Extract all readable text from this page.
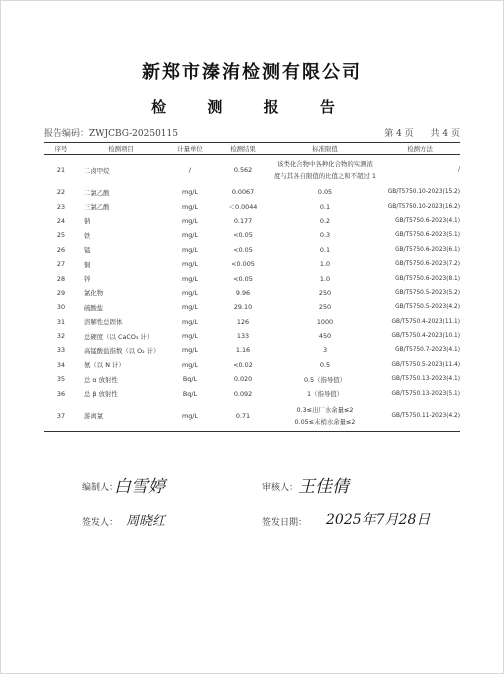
新郑市溱洧检测有限公司
检 测 报 告
报告编码：ZWJCBG-20250115	第 4 页 共 4 页
序号	检测项目	计量单位	检测结果	标准限值	检测方法
21	二卤甲烷	/	0.562	该类化合物中各种化合物的实测浓
度与其各自限值的比值之和不超过 1	/
22	二氯乙酸	mg/L	0.0067	0.05	GB/T5750.10-2023(15.2)
23	三氯乙酸	mg/L	＜0.0044	0.1	GB/T5750.10-2023(16.2)
24	钠	mg/L	0.177	0.2	GB/T5750.6-2023(4.1)
25	铁	mg/L	<0.05	0.3	GB/T5750.6-2023(5.1)
26	锰	mg/L	<0.05	0.1	GB/T5750.6-2023(6.1)
27	铜	mg/L	<0.005	1.0	GB/T5750.6-2023(7.2)
28	锌	mg/L	<0.05	1.0	GB/T5750.6-2023(8.1)
29	氯化物	mg/L	9.96	250	GB/T5750.5-2023(5.2)
30	硫酸盐	mg/L	29.10	250	GB/T5750.5-2023(4.2)
31	溶解性总固体	mg/L	126	1000	GB/T5750.4-2023(11.1)
32	总硬度（以 CaCO₃ 计）	mg/L	133	450	GB/T5750.4-2023(10.1)
33	高锰酸盐指数（以 O₂ 计）	mg/L	1.16	3	GB/T5750.7-2023(4.1)
34	氨（以 N 计）	mg/L	<0.02	0.5	GB/T5750.5-2023(11.4)
35	总 α 放射性	Bq/L	0.020	0.5（指导值）	GB/T5750.13-2023(4.1)
36	总 β 放射性	Bq/L	0.092	1（指导值）	GB/T5750.13-2023(5.1)
37	游离氯	mg/L	0.71	0.3≤出厂水余量≤2
0.05≤末梢水余量≤2	GB/T5750.11-2023(4.2)
编制人：
白雪婷	审核人： 王佳倩
签发人： 周晓红	签发日期： 2025年7月28日
